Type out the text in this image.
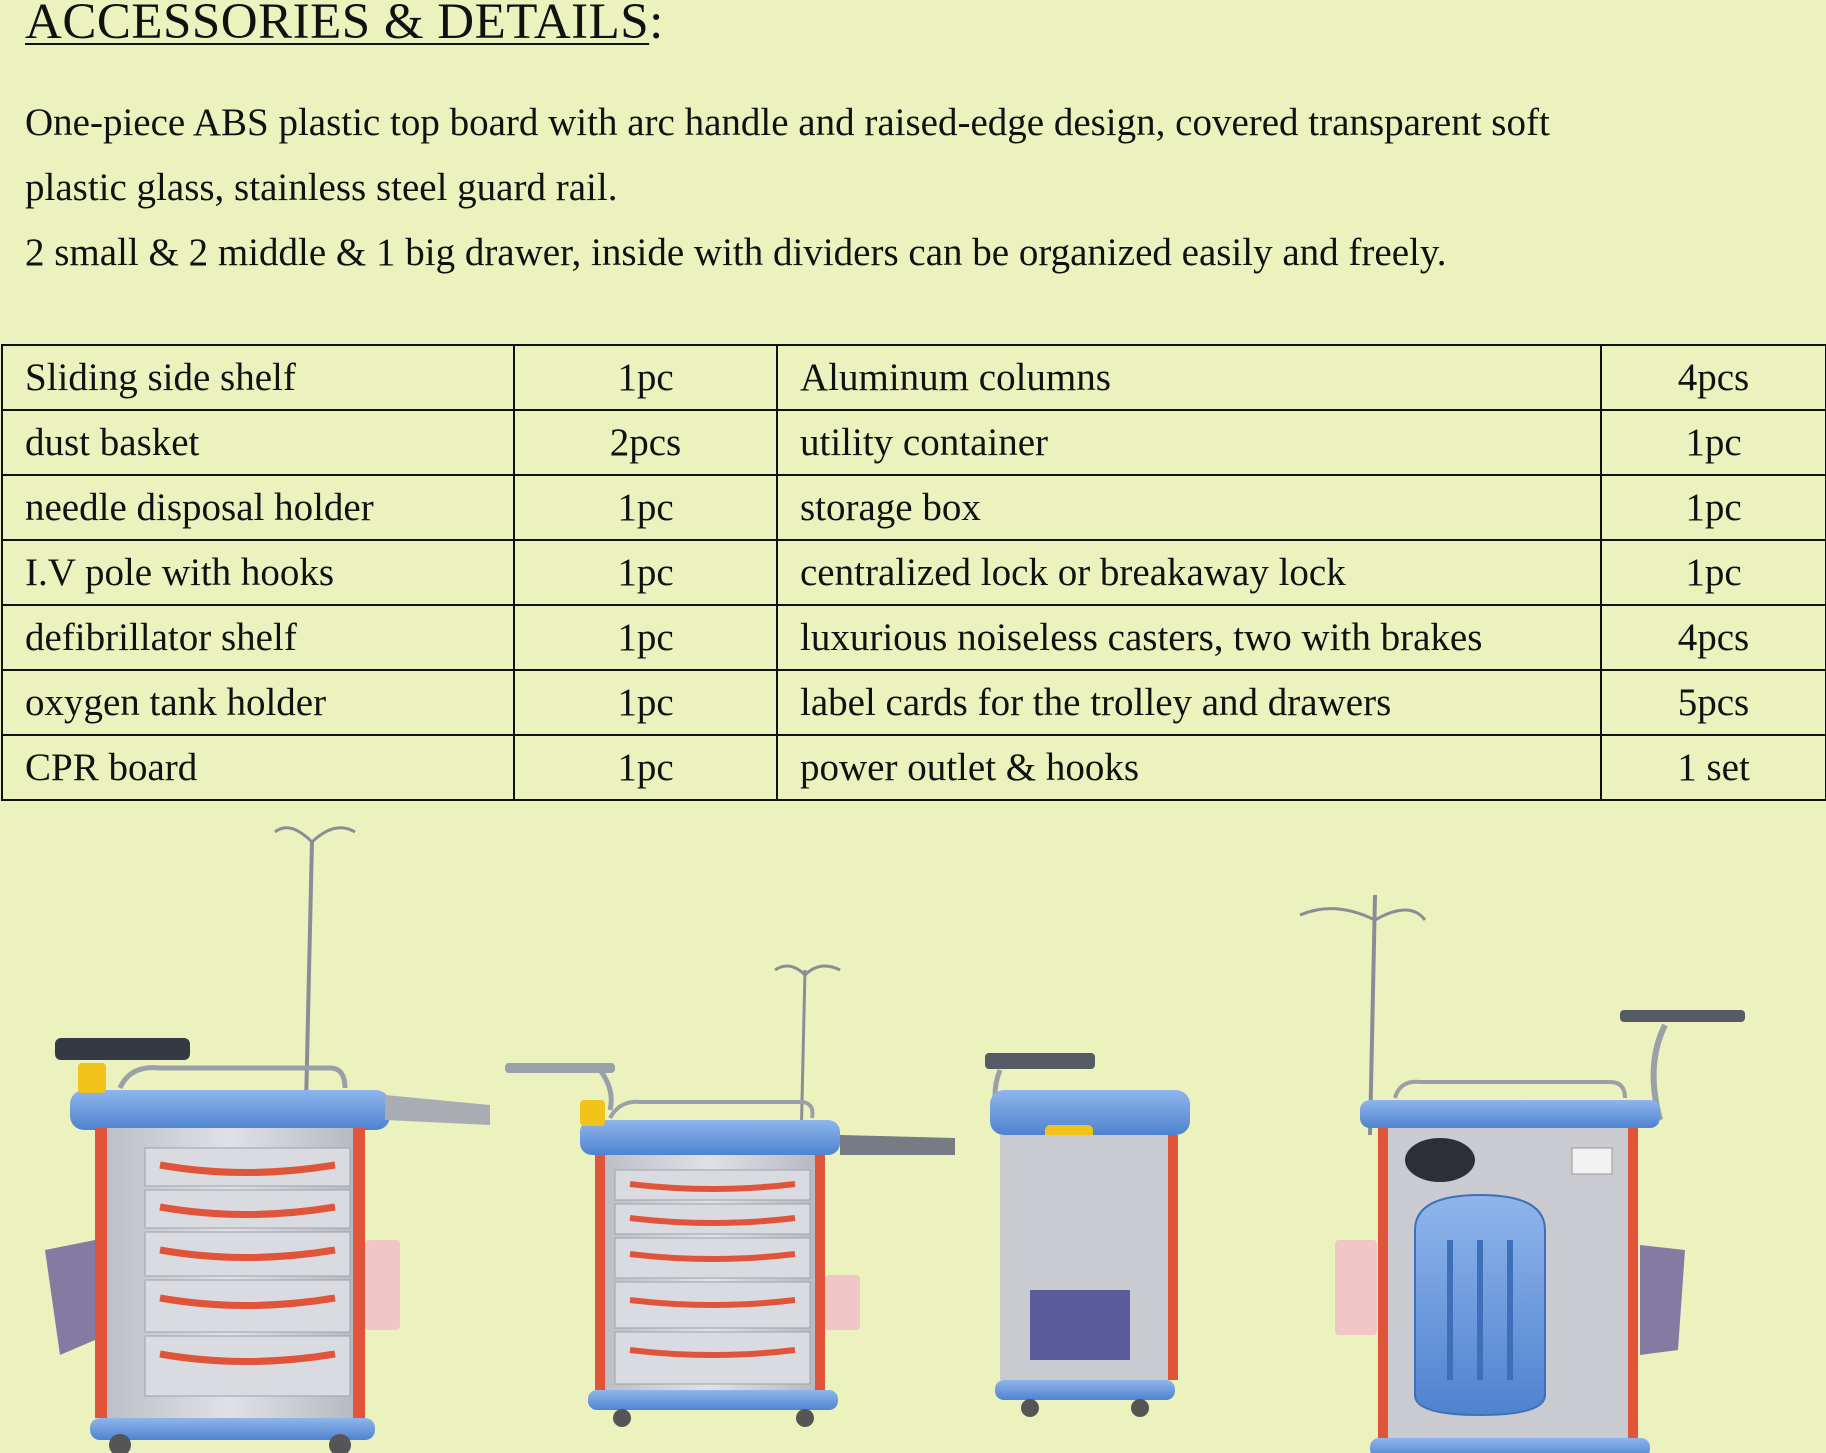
ACCESSORIES & DETAILS:

One-piece ABS plastic top board with arc handle and raised-edge design, covered transparent soft

plastic glass, stainless steel guard rail.

2 small & 2 middle & 1 big drawer, inside with dividers can be organized easily and freely.

Sliding side shelf	1pc	Aluminum columns	4pcs
dust basket	2pcs	utility container	1pc
needle disposal holder	1pc	storage box	1pc
I.V pole with hooks	1pc	centralized lock or breakaway lock	1pc
defibrillator shelf	1pc	luxurious noiseless casters, two with brakes	4pcs
oxygen tank holder	1pc	label cards for the trolley and drawers	5pcs
CPR board	1pc	power outlet & hooks	1 set
